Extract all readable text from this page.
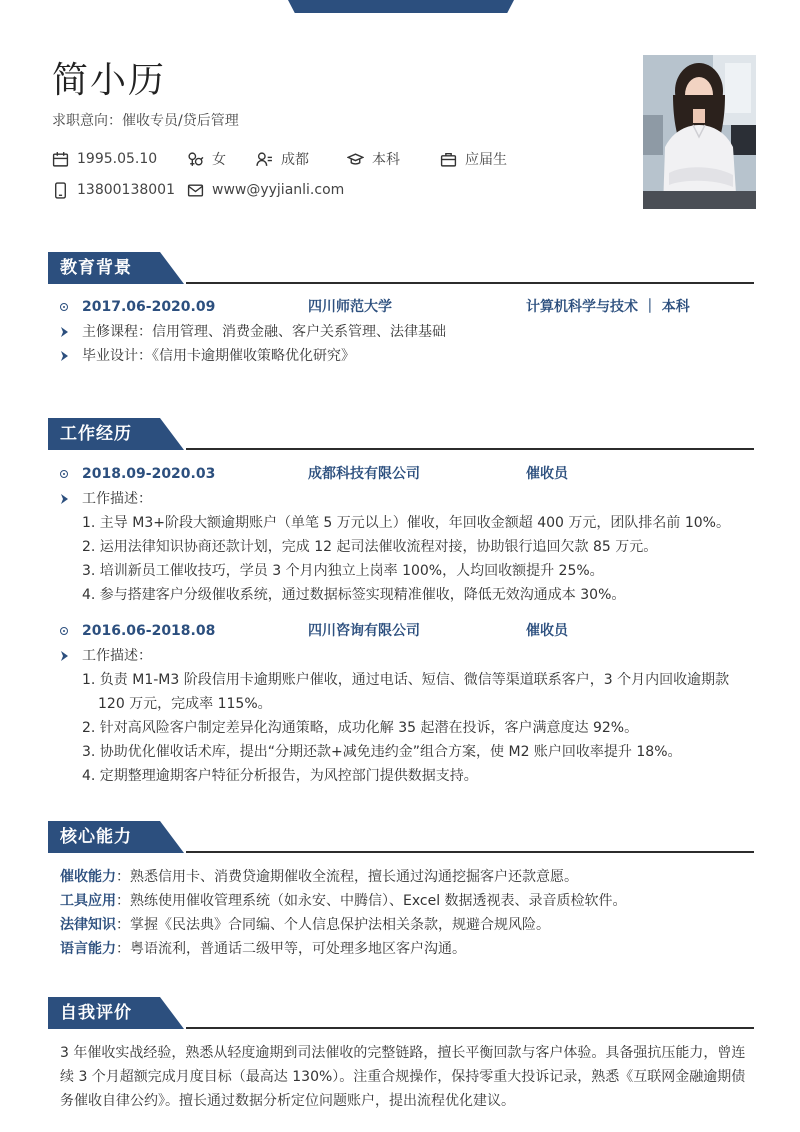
简小历
求职意向：催收专员/贷后管理
1995.05.10	女	成都	本科	应届生
13800138001	www@yyjianli.com
教育背景
2017.06-2020.09	四川师范大学	计算机科学与技术 ｜ 本科
主修课程：信用管理、消费金融、客户关系管理、法律基础
毕业设计：《信用卡逾期催收策略优化研究》
工作经历
2018.09-2020.03	成都科技有限公司	催收员
工作描述：
1. 主导 M3+阶段大额逾期账户（单笔 5 万元以上）催收，年回收金额超 400 万元，团队排名前 10%。
2. 运用法律知识协商还款计划，完成 12 起司法催收流程对接，协助银行追回欠款 85 万元。
3. 培训新员工催收技巧，学员 3 个月内独立上岗率 100%，人均回收额提升 25%。
4. 参与搭建客户分级催收系统，通过数据标签实现精准催收，降低无效沟通成本 30%。
2016.06-2018.08	四川咨询有限公司	催收员
工作描述：
1. 负责 M1-M3 阶段信用卡逾期账户催收，通过电话、短信、微信等渠道联系客户，3 个月内回收逾期款
120 万元，完成率 115%。
2. 针对高风险客户制定差异化沟通策略，成功化解 35 起潜在投诉，客户满意度达 92%。
3. 协助优化催收话术库，提出“分期还款+减免违约金”组合方案，使 M2 账户回收率提升 18%。
4. 定期整理逾期客户特征分析报告，为风控部门提供数据支持。
核心能力
催收能力：熟悉信用卡、消费贷逾期催收全流程，擅长通过沟通挖掘客户还款意愿。
工具应用：熟练使用催收管理系统（如永安、中腾信）、Excel 数据透视表、录音质检软件。
法律知识：掌握《民法典》合同编、个人信息保护法相关条款，规避合规风险。
语言能力：粤语流利，普通话二级甲等，可处理多地区客户沟通。
自我评价
3 年催收实战经验，熟悉从轻度逾期到司法催收的完整链路，擅长平衡回款与客户体验。具备强抗压能力，曾连续 3 个月超额完成月度目标（最高达 130%）。注重合规操作，保持零重大投诉记录，熟悉《互联网金融逾期债务催收自律公约》。擅长通过数据分析定位问题账户，提出流程优化建议。
